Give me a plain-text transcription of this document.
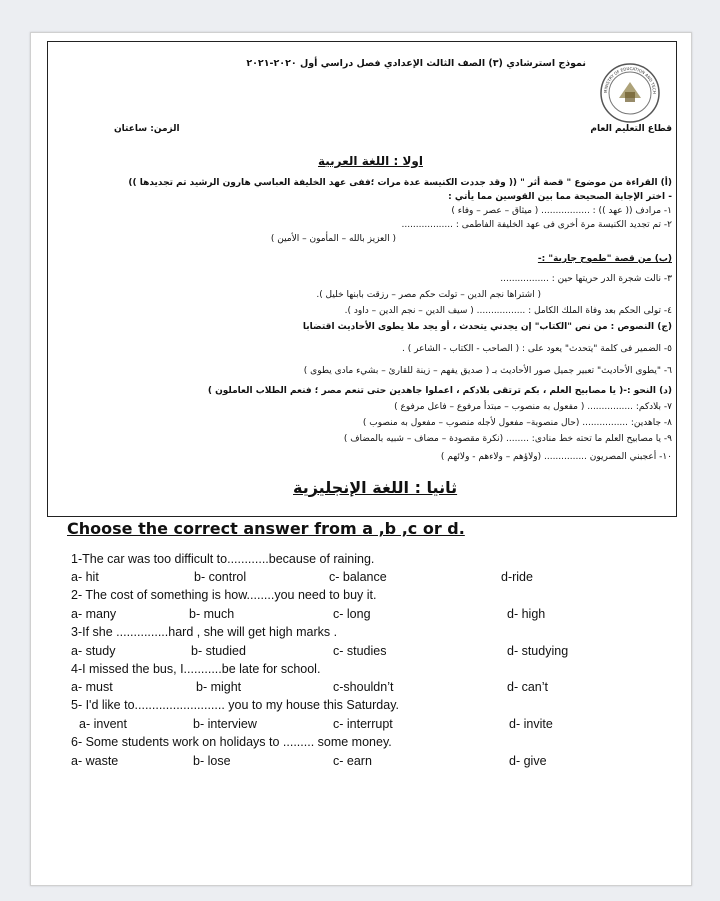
MINISTRY OF EDUCATION AND TECH
نموذج استرشادي (٣) الصف الثالث الإعدادي فصل دراسي أول ٢٠٢٠-٢٠٢١
قطاع التعليم العام
الزمن: ساعتان
اولا : اللغة العربية
(أ) القراءة من موضوع " قصة أثر " (( وقد جددت الكنيسة عدة مرات ؛ففى عهد الخليفة العباسي هارون الرشيد تم تجديدها ))
- اختر الإجابة الصحيحة مما بين القوسين مما يأتي :
١- مرادف (( عهد )) : ................. ( ميثاق – عصر – وفاء )
٢- تم تجديد الكنيسة مرة أخرى فى عهد الخليفة الفاطمى : ..................
( العزيز بالله – المأمون – الأمين )
(ب) من قصة "طموح جارية" :-
٣- نالت شجرة الدر حريتها حين : .................
( اشتراها نجم الدين – تولت حكم مصر – رزقت بابنها خليل ).
٤- تولى الحكم بعد وفاة الملك الكامل : ................. ( سيف الدين – نجم الدين – داود ).
(ج) النصوص : من نص "الكتاب" إن يجدني يتحدث ، أو يجد ملا يطوى الأحاديث اقتضابا
٥- الضمير فى كلمة "يتحدث" يعود على : ( الصاحب - الكتاب - الشاعر ) .
٦- "يطوى الأحاديث" تعبير جميل صور الأحاديث بـ ( صديق يفهم – زينة للقارئ – بشيء مادى يطوى )
(د) النحو :-( يا مصابيح العلم ، بكم ترتقى بلادكم ، اعملوا جاهدين حتى تنعم مصر ؛ فنعم الطلاب العاملون )
٧- بلادكم: ................ ( مفعول به منصوب – مبتدأ مرفوع – فاعل مرفوع )
٨- جاهدين: ................ (حال منصوبة– مفعول لأجله منصوب – مفعول به منصوب )
٩- يا مصابيح العلم ما تحته خط منادى: ........ (نكرة مقصودة – مضاف – شبيه بالمضاف )
١٠- أعجبني المصريون ............... (ولاؤهم – ولاءهم - ولائهم )
ثانيا : اللغة الإنجليزية
Choose the correct answer from a ,b ,c or d.
1-The car was too difficult to............because of raining.
a- hit	b- control	c- balance	d-ride
2- The cost of something is how........you need to buy it.
a- many	b- much	c- long	d- high
3-If she ...............hard , she will get high marks .
a- study	b- studied	c- studies	d- studying
4-I missed the bus, I...........be late for school.
a- must	b- might	c-shouldn’t	d- can’t
5- I'd like to.......................... you to my house this Saturday.
a- invent	b- interview	c- interrupt	d- invite
6- Some students work on holidays to ......... some money.
a- waste	b- lose	c- earn	d- give
